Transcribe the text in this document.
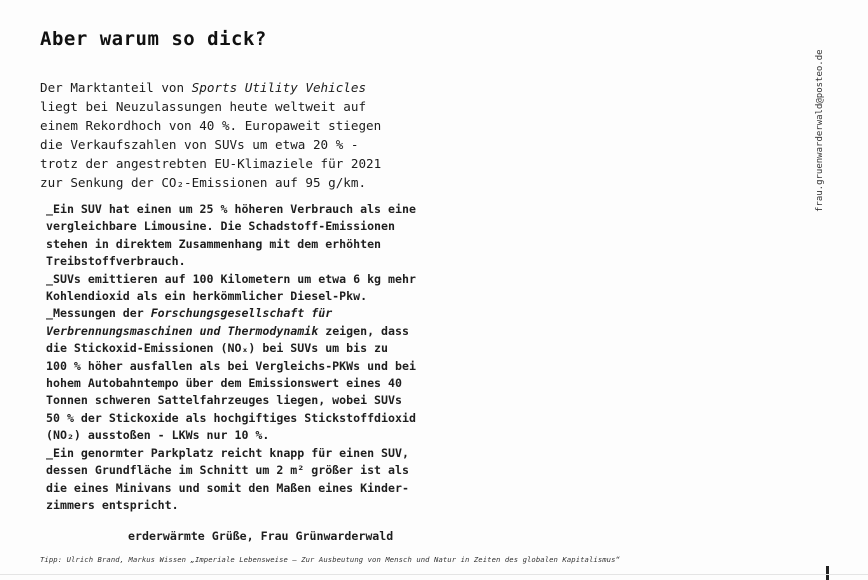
Aber warum so dick?
Der Marktanteil von Sports Utility Vehicles
liegt bei Neuzulassungen heute weltweit auf
einem Rekordhoch von 40 %. Europaweit stiegen
die Verkaufszahlen von SUVs um etwa 20 % -
trotz der angestrebten EU-Klimaziele für 2021
zur Senkung der CO₂-Emissionen auf 95 g/km.
_Ein SUV hat einen um 25 % höheren Verbrauch als eine
vergleichbare Limousine. Die Schadstoff-Emissionen
stehen in direktem Zusammenhang mit dem erhöhten
Treibstoffverbrauch.
_SUVs emittieren auf 100 Kilometern um etwa 6 kg mehr
Kohlendioxid als ein herkömmlicher Diesel-Pkw.
_Messungen der Forschungsgesellschaft für
Verbrennungsmaschinen und Thermodynamik zeigen, dass
die Stickoxid-Emissionen (NOₓ) bei SUVs um bis zu
100 % höher ausfallen als bei Vergleichs-PKWs und bei
hohem Autobahntempo über dem Emissionswert eines 40
Tonnen schweren Sattelfahrzeuges liegen, wobei SUVs
50 % der Stickoxide als hochgiftiges Stickstoffdioxid
(NO₂) ausstoßen - LKWs nur 10 %.
_Ein genormter Parkplatz reicht knapp für einen SUV,
dessen Grundfläche im Schnitt um 2 m² größer ist als
die eines Minivans und somit den Maßen eines Kinder-
zimmers entspricht.
erderwärmte Grüße, Frau Grünwarderwald
Tipp: Ulrich Brand, Markus Wissen „Imperiale Lebensweise – Zur Ausbeutung von Mensch und Natur in Zeiten des globalen Kapitalismus“
frau.gruenwarderwald@posteo.de
